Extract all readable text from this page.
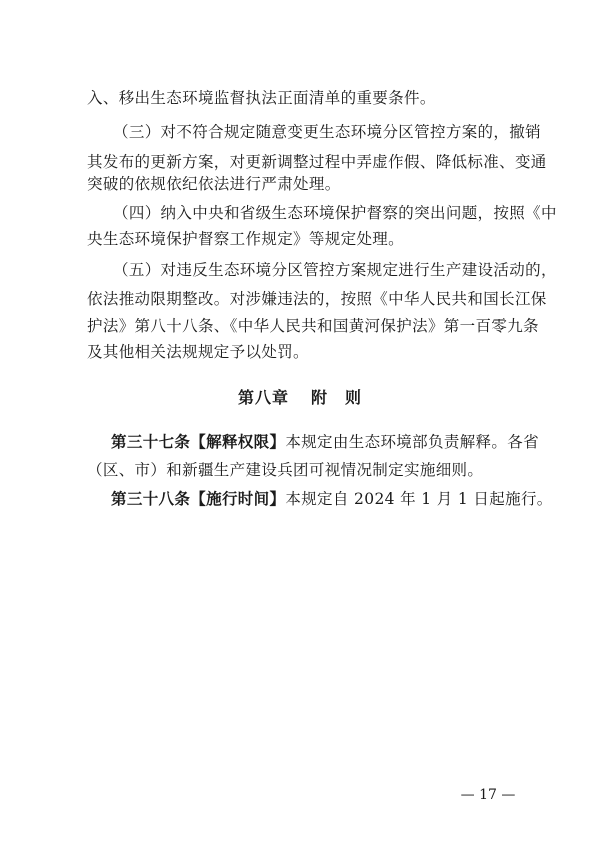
入、移出生态环境监督执法正面清单的重要条件。
（三）对不符合规定随意变更生态环境分区管控方案的，撤销
其发布的更新方案，对更新调整过程中弄虚作假、降低标准、变通
突破的依规依纪依法进行严肃处理。
（四）纳入中央和省级生态环境保护督察的突出问题，按照《中
央生态环境保护督察工作规定》等规定处理。
（五）对违反生态环境分区管控方案规定进行生产建设活动的，
依法推动限期整改。对涉嫌违法的，按照《中华人民共和国长江保
护法》第八十八条、《中华人民共和国黄河保护法》第一百零九条
及其他相关法规规定予以处罚。
第八章 附　则
第三十七条【解释权限】本规定由生态环境部负责解释。各省
（区、市）和新疆生产建设兵团可视情况制定实施细则。
第三十八条【施行时间】本规定自 2024 年 1 月 1 日起施行。
— 17 —
